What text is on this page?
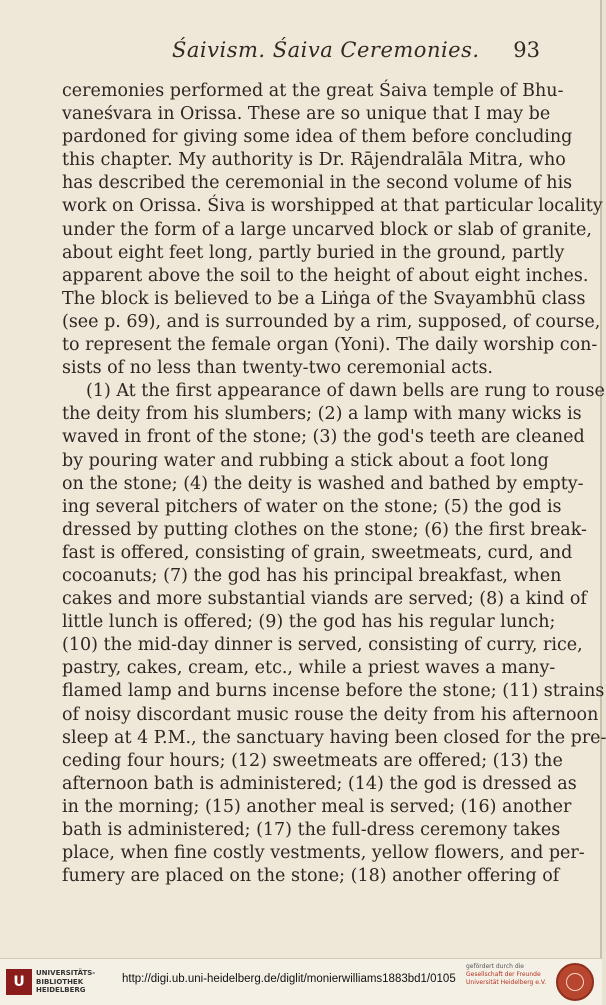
Śaivism. Śaiva Ceremonies. 93
ceremonies performed at the great Śaiva temple of Bhu-
vaneśvara in Orissa. These are so unique that I may be
pardoned for giving some idea of them before concluding
this chapter. My authority is Dr. Rājendralāla Mitra, who
has described the ceremonial in the second volume of his
work on Orissa. Śiva is worshipped at that particular locality
under the form of a large uncarved block or slab of granite,
about eight feet long, partly buried in the ground, partly
apparent above the soil to the height of about eight inches.
The block is believed to be a Liṅga of the Svayambhū class
(see p. 69), and is surrounded by a rim, supposed, of course,
to represent the female organ (Yoni). The daily worship con-
sists of no less than twenty-two ceremonial acts.
(1) At the first appearance of dawn bells are rung to rouse
the deity from his slumbers; (2) a lamp with many wicks is
waved in front of the stone; (3) the god's teeth are cleaned
by pouring water and rubbing a stick about a foot long
on the stone; (4) the deity is washed and bathed by empty-
ing several pitchers of water on the stone; (5) the god is
dressed by putting clothes on the stone; (6) the first break-
fast is offered, consisting of grain, sweetmeats, curd, and
cocoanuts; (7) the god has his principal breakfast, when
cakes and more substantial viands are served; (8) a kind of
little lunch is offered; (9) the god has his regular lunch;
(10) the mid-day dinner is served, consisting of curry, rice,
pastry, cakes, cream, etc., while a priest waves a many-
flamed lamp and burns incense before the stone; (11) strains
of noisy discordant music rouse the deity from his afternoon
sleep at 4 P.M., the sanctuary having been closed for the pre-
ceding four hours; (12) sweetmeats are offered; (13) the
afternoon bath is administered; (14) the god is dressed as
in the morning; (15) another meal is served; (16) another
bath is administered; (17) the full-dress ceremony takes
place, when fine costly vestments, yellow flowers, and per-
fumery are placed on the stone; (18) another offering of
U
UNIVERSITÄTS-
BIBLIOTHEK
HEIDELBERG
http://digi.ub.uni-heidelberg.de/diglit/monierwilliams1883bd1/0105
gefördert durch die
Gesellschaft der Freunde
Universität Heidelberg e.V.
